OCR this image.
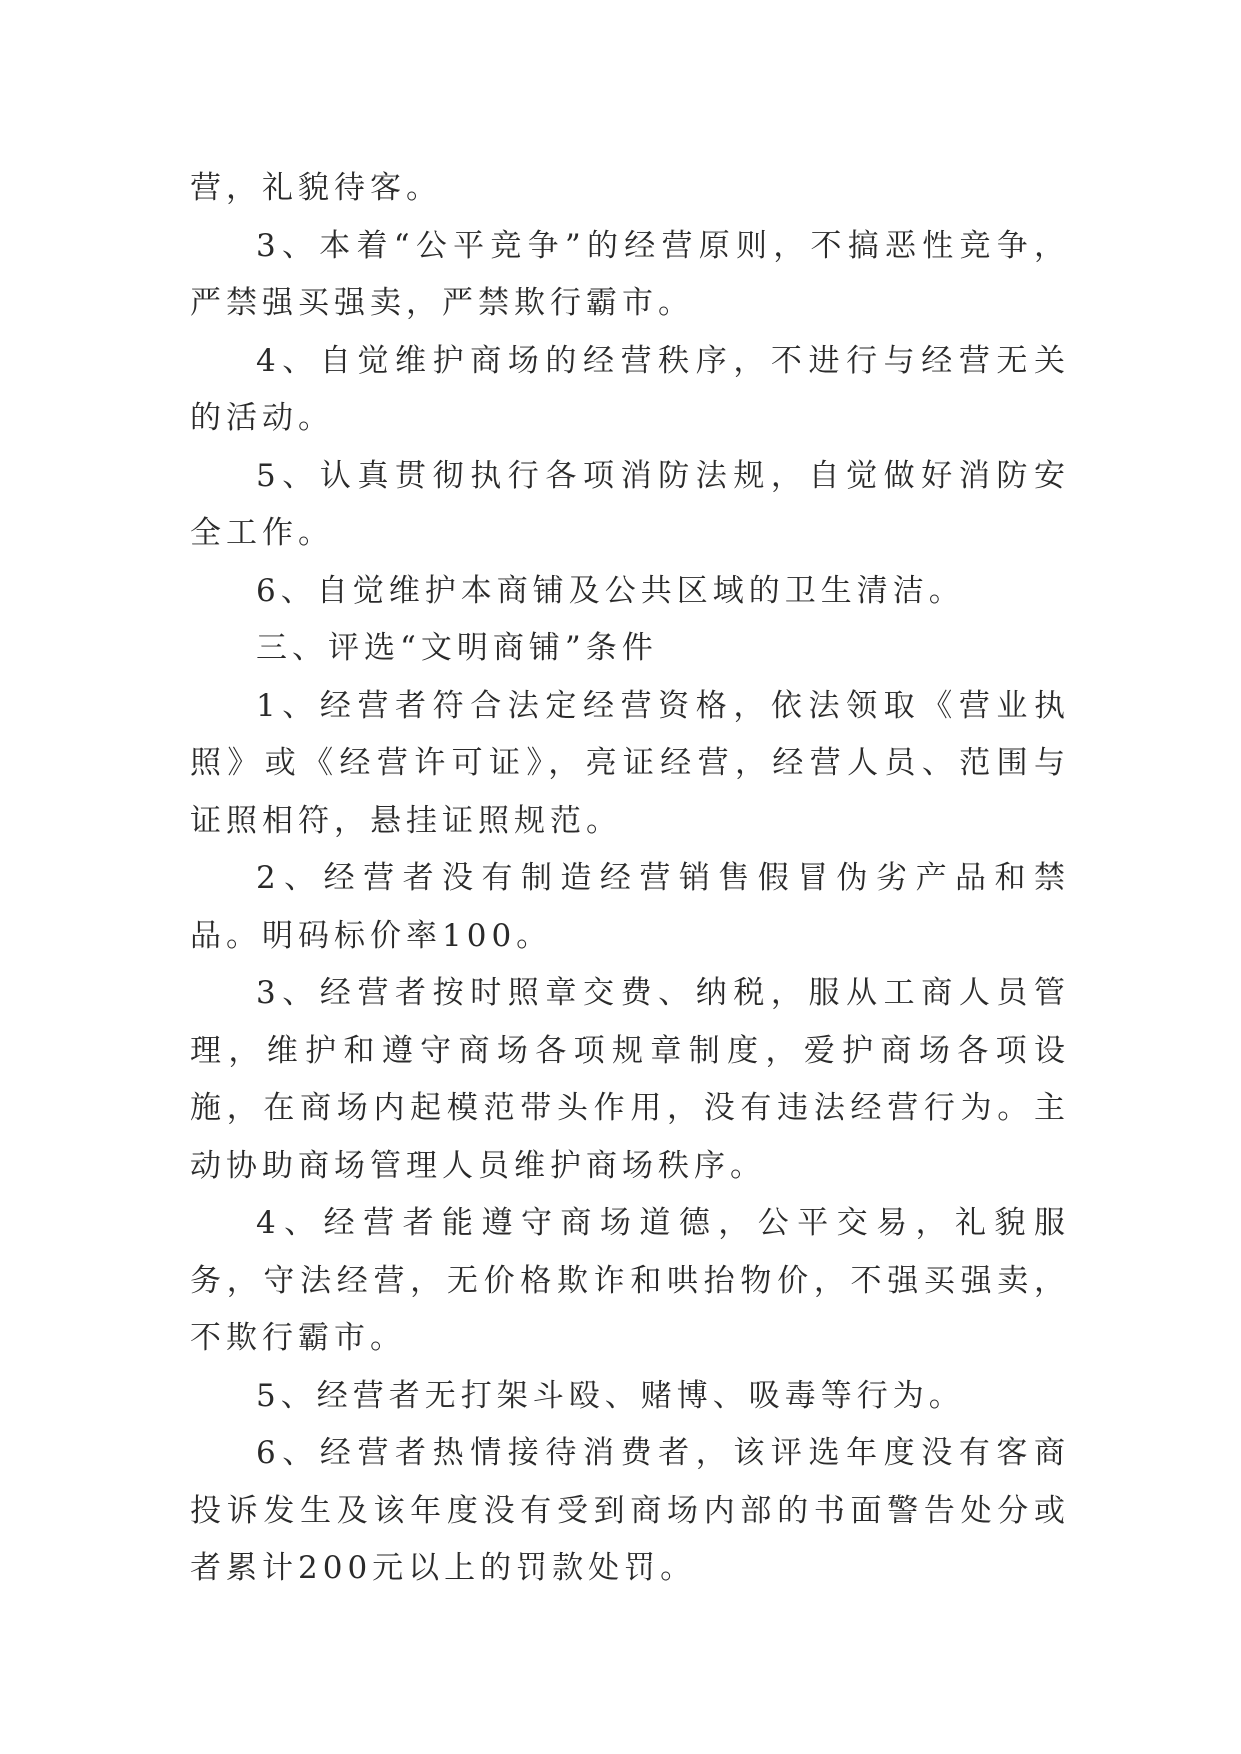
营，礼貌待客。

3、本着“公平竞争”的经营原则，不搞恶性竞争，严禁强买强卖，严禁欺行霸市。

4、自觉维护商场的经营秩序，不进行与经营无关的活动。

5、认真贯彻执行各项消防法规，自觉做好消防安全工作。

6、自觉维护本商铺及公共区域的卫生清洁。

三、评选“文明商铺”条件

1、经营者符合法定经营资格，依法领取《营业执照》或《经营许可证》，亮证经营，经营人员、范围与证照相符，悬挂证照规范。

2、经营者没有制造经营销售假冒伪劣产品和禁品。明码标价率100。

3、经营者按时照章交费、纳税，服从工商人员管理，维护和遵守商场各项规章制度，爱护商场各项设施，在商场内起模范带头作用，没有违法经营行为。主动协助商场管理人员维护商场秩序。

4、经营者能遵守商场道德，公平交易，礼貌服务，守法经营，无价格欺诈和哄抬物价，不强买强卖，不欺行霸市。

5、经营者无打架斗殴、赌博、吸毒等行为。

6、经营者热情接待消费者，该评选年度没有客商投诉发生及该年度没有受到商场内部的书面警告处分或者累计200元以上的罚款处罚。
